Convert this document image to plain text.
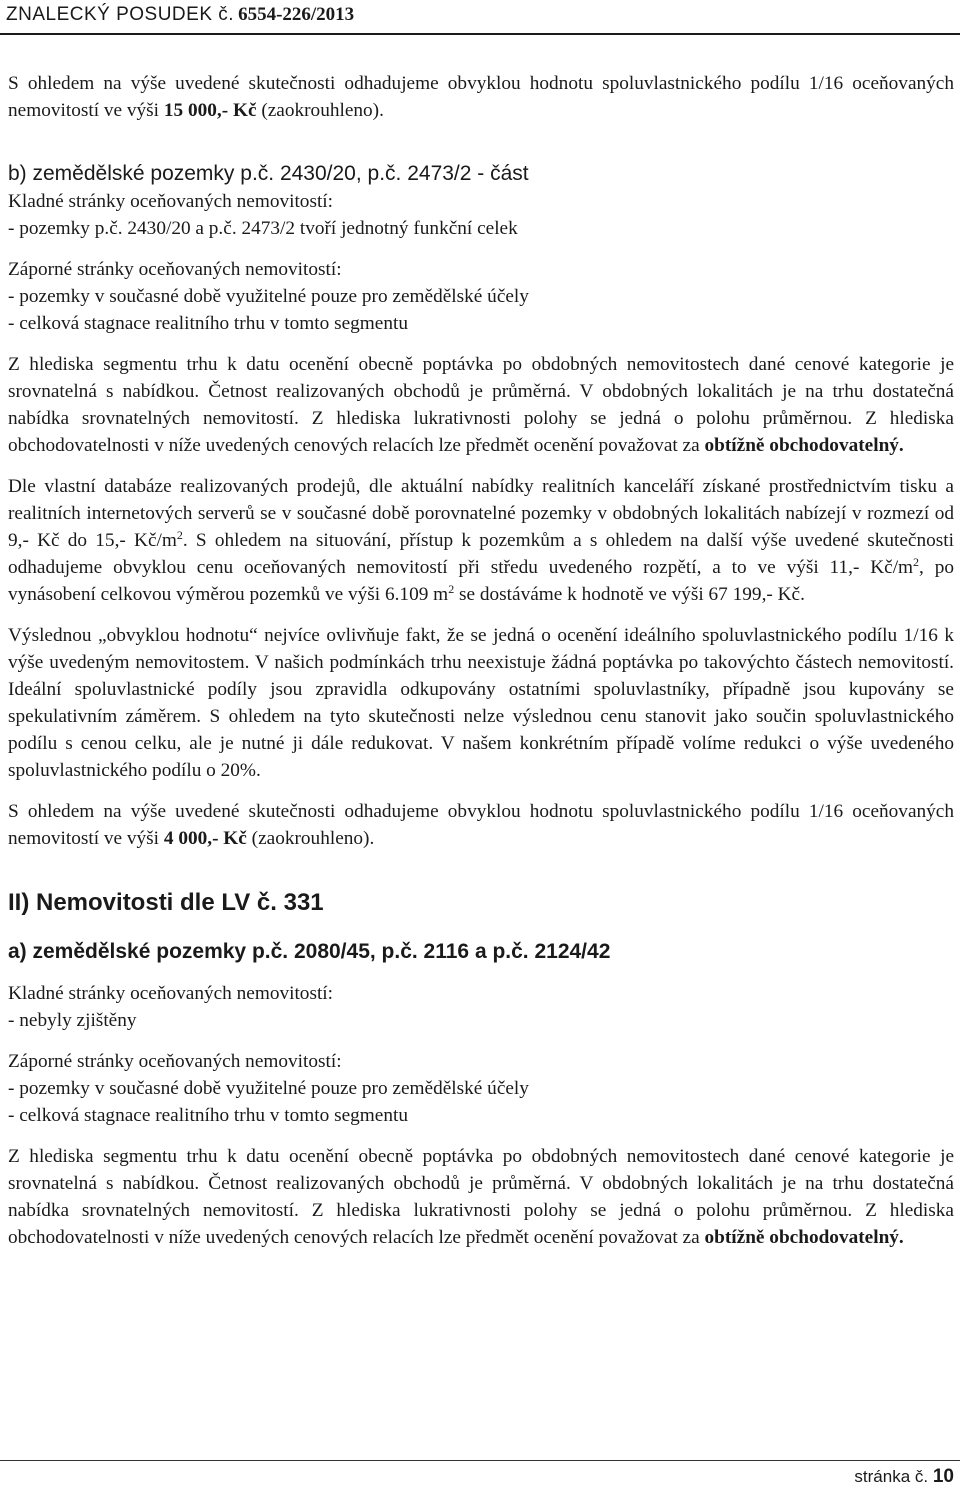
ZNALECKÝ POSUDEK č. 6554-226/2013

S ohledem na výše uvedené skutečnosti odhadujeme obvyklou hodnotu spoluvlastnického podílu 1/16 oceňovaných nemovitostí ve výši 15 000,- Kč (zaokrouhleno).

b) zemědělské pozemky p.č. 2430/20, p.č. 2473/2 - část

Kladné stránky oceňovaných nemovitostí:

- pozemky p.č. 2430/20 a p.č. 2473/2 tvoří jednotný funkční celek

Záporné stránky oceňovaných nemovitostí:

- pozemky v současné době využitelné pouze pro zemědělské účely

- celková stagnace realitního trhu v tomto segmentu

Z hlediska segmentu trhu k datu ocenění obecně poptávka po obdobných nemovitostech dané cenové kategorie je srovnatelná s nabídkou. Četnost realizovaných obchodů je průměrná. V obdobných lokalitách je na trhu dostatečná nabídka srovnatelných nemovitostí. Z hlediska lukrativnosti polohy se jedná o polohu průměrnou. Z hlediska obchodovatelnosti v níže uvedených cenových relacích lze předmět ocenění považovat za obtížně obchodovatelný.

Dle vlastní databáze realizovaných prodejů, dle aktuální nabídky realitních kanceláří získané prostřednictvím tisku a realitních internetových serverů se v současné době porovnatelné pozemky v obdobných lokalitách nabízejí v rozmezí od 9,- Kč do 15,- $Kč/m^2$. S ohledem na situování, přístup k pozemkům a s ohledem na další výše uvedené skutečnosti odhadujeme obvyklou cenu oceňovaných nemovitostí při středu uvedeného rozpětí, a to ve výši 11,- $Kč/m^2$, po vynásobení celkovou výměrou pozemků ve výši 6.109 $m^2$ se dostáváme k hodnotě ve výši 67 199,- Kč.

Výslednou „obvyklou hodnotu“ nejvíce ovlivňuje fakt, že se jedná o ocenění ideálního spoluvlastnického podílu 1/16 k výše uvedeným nemovitostem. V našich podmínkách trhu neexistuje žádná poptávka po takovýchto částech nemovitostí. Ideální spoluvlastnické podíly jsou zpravidla odkupovány ostatními spoluvlastníky, případně jsou kupovány se spekulativním záměrem. S ohledem na tyto skutečnosti nelze výslednou cenu stanovit jako součin spoluvlastnického podílu s cenou celku, ale je nutné ji dále redukovat. V našem konkrétním případě volíme redukci o výše uvedeného spoluvlastnického podílu o 20%.

S ohledem na výše uvedené skutečnosti odhadujeme obvyklou hodnotu spoluvlastnického podílu 1/16 oceňovaných nemovitostí ve výši 4 000,- Kč (zaokrouhleno).

II) Nemovitosti dle LV č. 331

a) zemědělské pozemky p.č. 2080/45, p.č. 2116 a p.č. 2124/42

Kladné stránky oceňovaných nemovitostí:

- nebyly zjištěny

Záporné stránky oceňovaných nemovitostí:

- pozemky v současné době využitelné pouze pro zemědělské účely

- celková stagnace realitního trhu v tomto segmentu

Z hlediska segmentu trhu k datu ocenění obecně poptávka po obdobných nemovitostech dané cenové kategorie je srovnatelná s nabídkou. Četnost realizovaných obchodů je průměrná. V obdobných lokalitách je na trhu dostatečná nabídka srovnatelných nemovitostí. Z hlediska lukrativnosti polohy se jedná o polohu průměrnou. Z hlediska obchodovatelnosti v níže uvedených cenových relacích lze předmět ocenění považovat za obtížně obchodovatelný.

stránka č. 10
